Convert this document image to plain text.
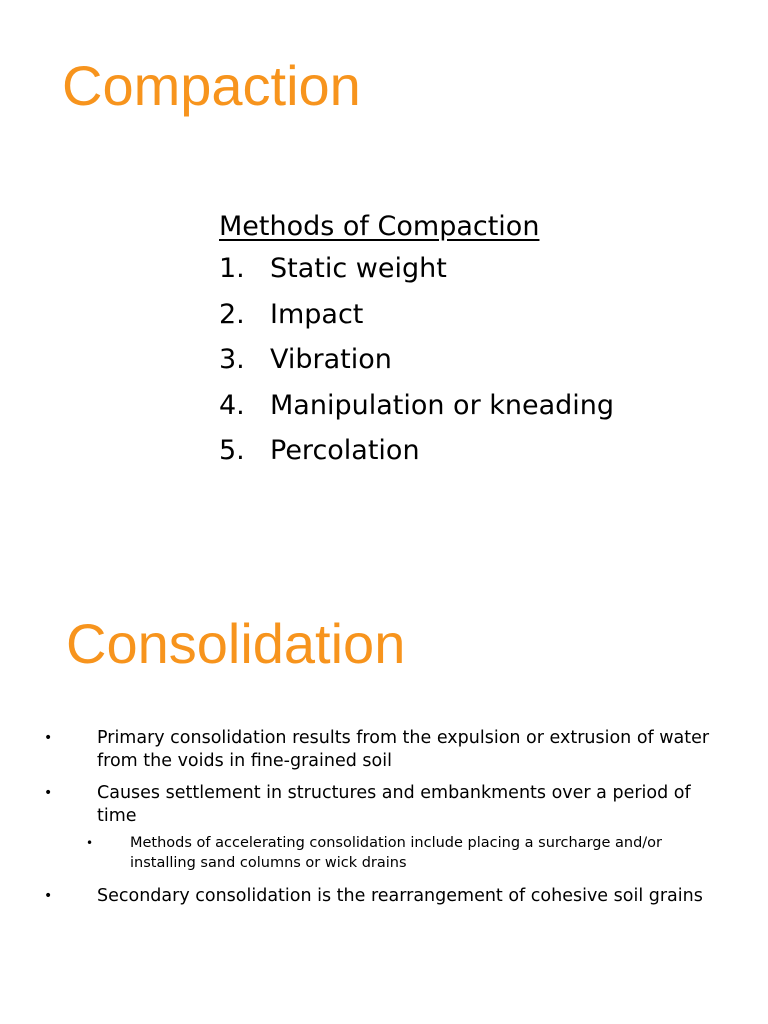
Compaction

Methods of Compaction

1. Static weight
2. Impact
3. Vibration
4. Manipulation or kneading
5. Percolation
Consolidation
•	Primary consolidation results from the expulsion or extrusion of water from the voids in fine-grained soil
•	Causes settlement in structures and embankments over a period of time
•	Methods of accelerating consolidation include placing a surcharge and/or installing sand columns or wick drains
•	Secondary consolidation is the rearrangement of cohesive soil grains
